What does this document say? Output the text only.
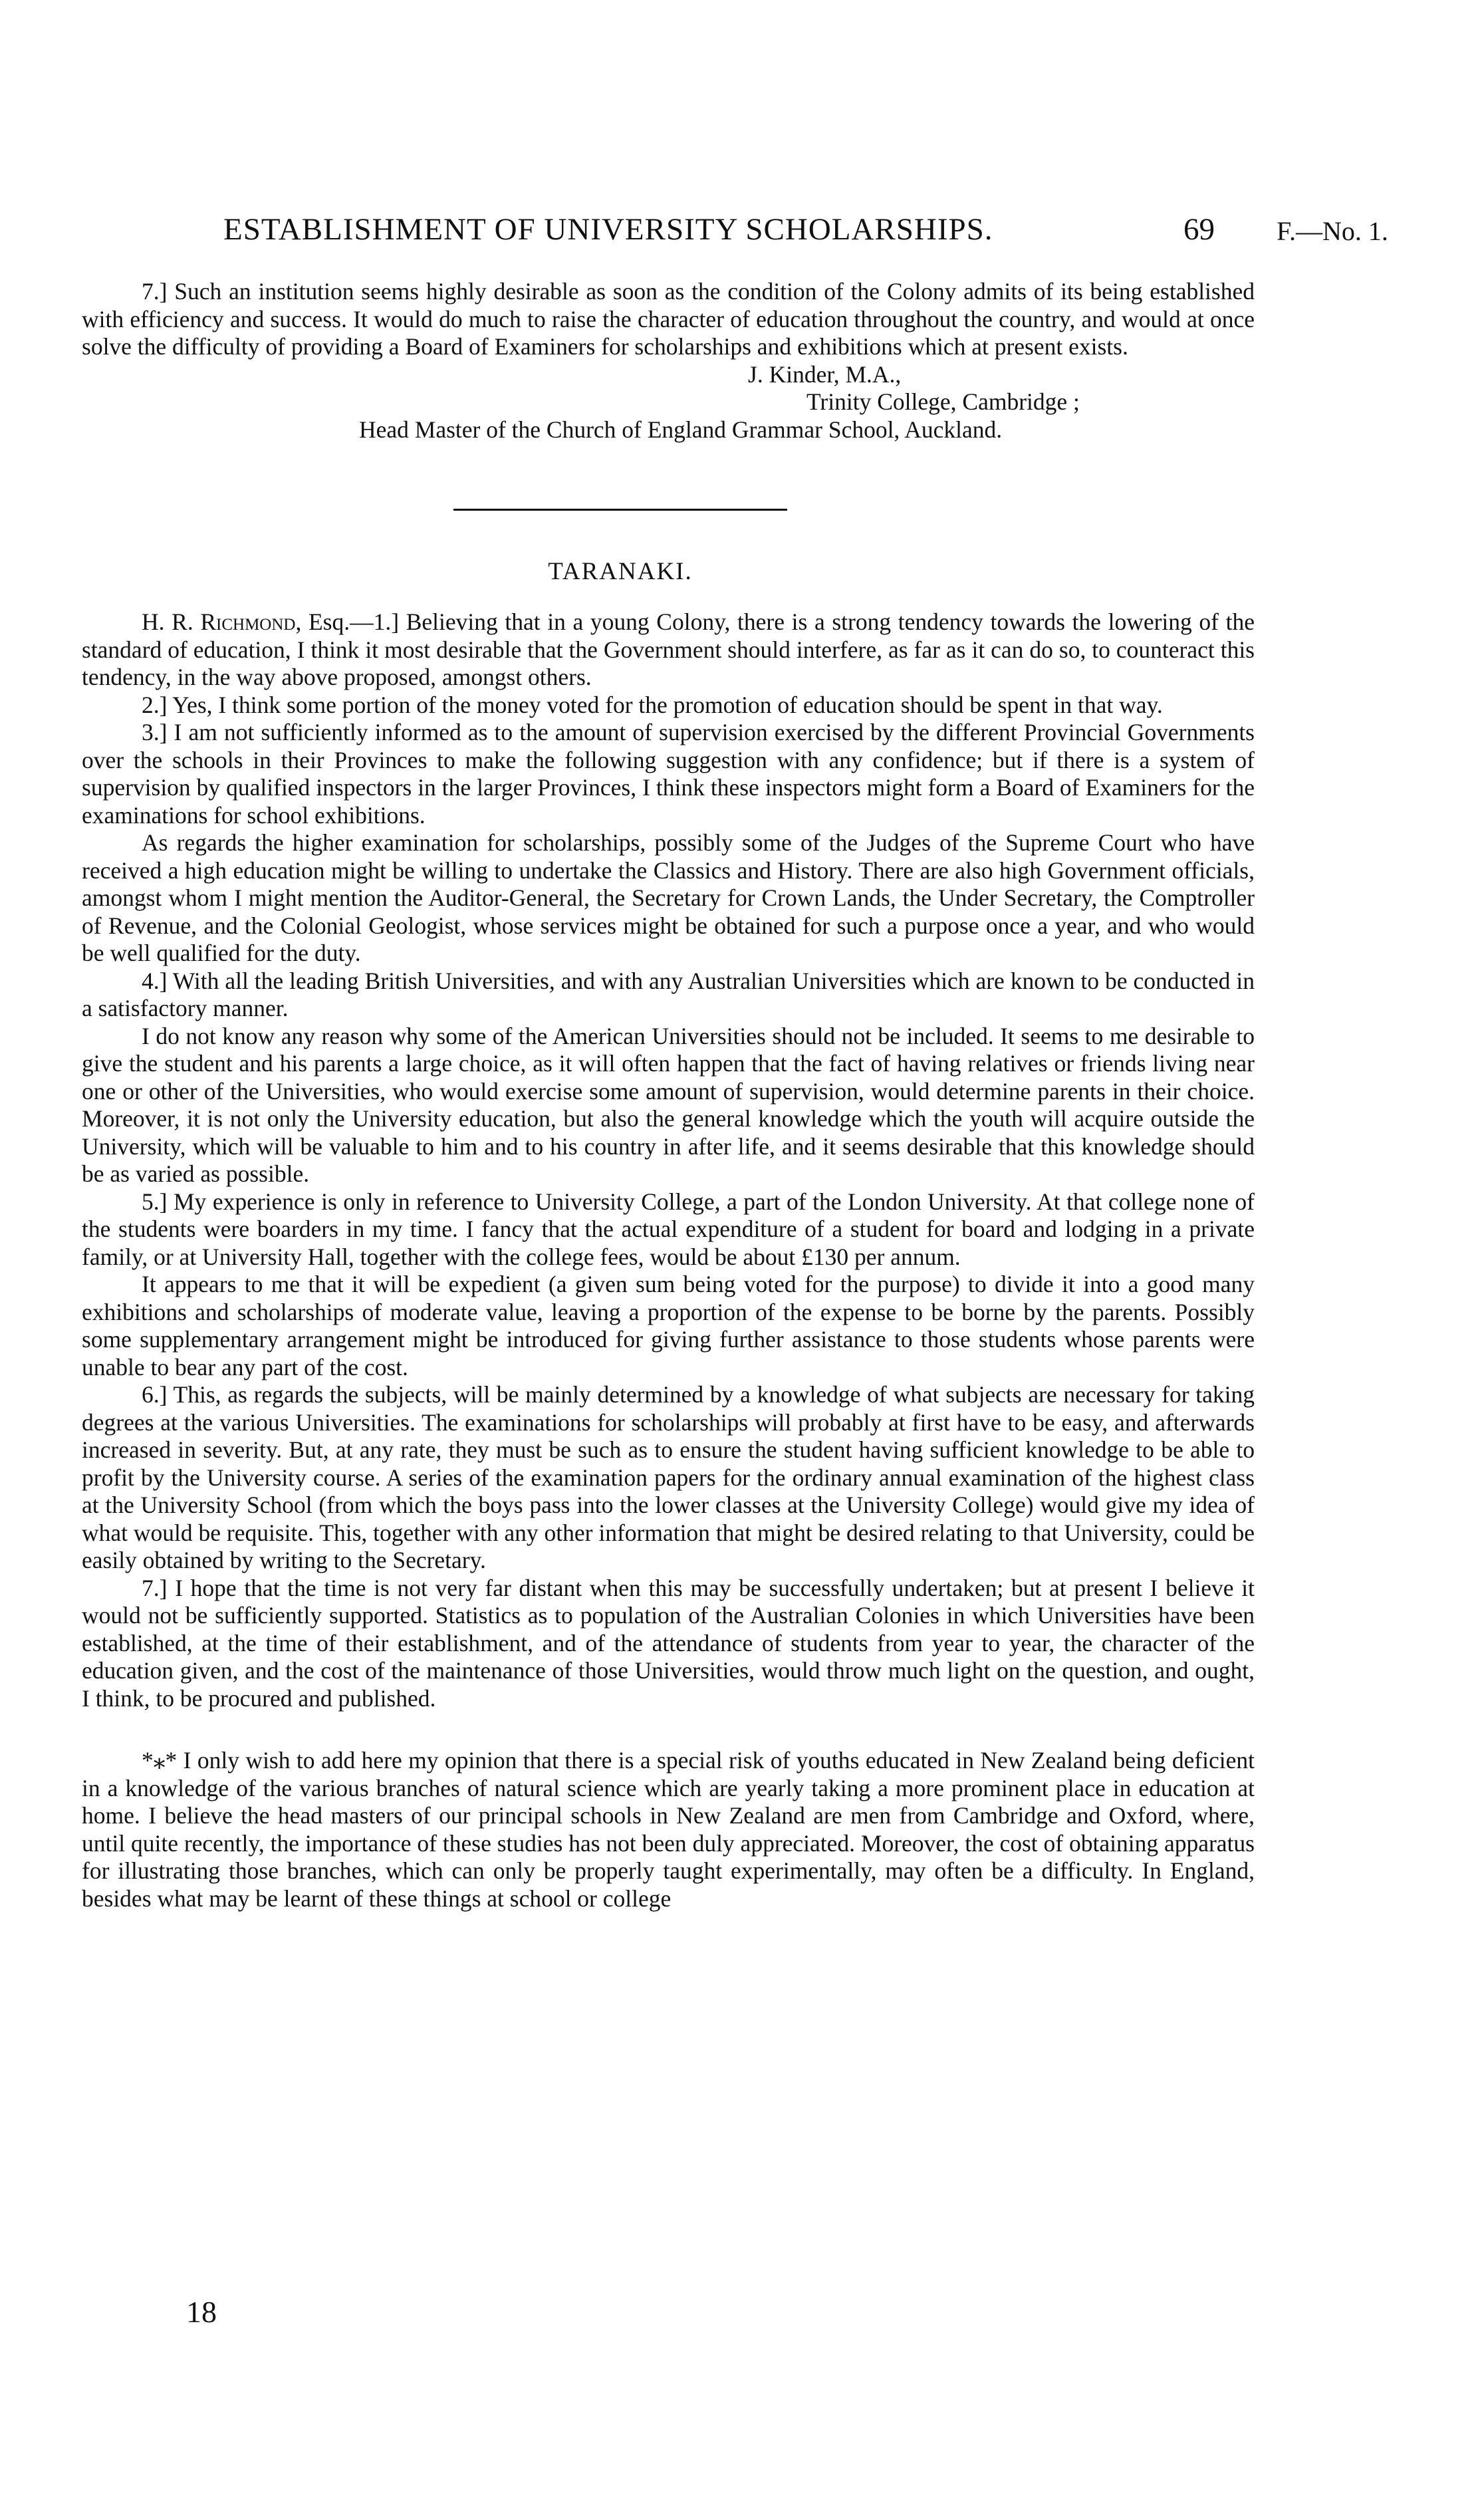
ESTABLISHMENT OF UNIVERSITY SCHOLARSHIPS.	69 F.—No. 1.

7.] Such an institution seems highly desirable as soon as the condition of the Colony admits of its being established with efficiency and success. It would do much to raise the character of education throughout the country, and would at once solve the difficulty of providing a Board of Examiners for scholarships and exhibitions which at present exists.

J. Kinder, M.A.,
Trinity College, Cambridge ;
Head Master of the Church of England Grammar School, Auckland.
TARANAKI.

H. R. Richmond, Esq.—1.] Believing that in a young Colony, there is a strong tendency towards the lowering of the standard of education, I think it most desirable that the Government should interfere, as far as it can do so, to counteract this tendency, in the way above proposed, amongst others.

2.] Yes, I think some portion of the money voted for the promotion of education should be spent in that way.

3.] I am not sufficiently informed as to the amount of supervision exercised by the different Provincial Governments over the schools in their Provinces to make the following suggestion with any confidence; but if there is a system of supervision by qualified inspectors in the larger Provinces, I think these inspectors might form a Board of Examiners for the examinations for school exhibitions.

As regards the higher examination for scholarships, possibly some of the Judges of the Supreme Court who have received a high education might be willing to undertake the Classics and History. There are also high Government officials, amongst whom I might mention the Auditor-General, the Secretary for Crown Lands, the Under Secretary, the Comptroller of Revenue, and the Colonial Geologist, whose services might be obtained for such a purpose once a year, and who would be well qualified for the duty.

4.] With all the leading British Universities, and with any Australian Universities which are known to be conducted in a satisfactory manner.

I do not know any reason why some of the American Universities should not be included. It seems to me desirable to give the student and his parents a large choice, as it will often happen that the fact of having relatives or friends living near one or other of the Universities, who would exercise some amount of supervision, would determine parents in their choice. Moreover, it is not only the University education, but also the general knowledge which the youth will acquire outside the University, which will be valuable to him and to his country in after life, and it seems desirable that this knowledge should be as varied as possible.

5.] My experience is only in reference to University College, a part of the London University. At that college none of the students were boarders in my time. I fancy that the actual expenditure of a student for board and lodging in a private family, or at University Hall, together with the college fees, would be about £130 per annum.

It appears to me that it will be expedient (a given sum being voted for the purpose) to divide it into a good many exhibitions and scholarships of moderate value, leaving a proportion of the expense to be borne by the parents. Possibly some supplementary arrangement might be introduced for giving further assistance to those students whose parents were unable to bear any part of the cost.

6.] This, as regards the subjects, will be mainly determined by a knowledge of what subjects are necessary for taking degrees at the various Universities. The examinations for scholarships will probably at first have to be easy, and afterwards increased in severity. But, at any rate, they must be such as to ensure the student having sufficient knowledge to be able to profit by the University course. A series of the examination papers for the ordinary annual examination of the highest class at the University School (from which the boys pass into the lower classes at the University College) would give my idea of what would be requisite. This, together with any other information that might be desired relating to that University, could be easily obtained by writing to the Secretary.

7.] I hope that the time is not very far distant when this may be successfully undertaken; but at present I believe it would not be sufficiently supported. Statistics as to population of the Australian Colonies in which Universities have been established, at the time of their establishment, and of the attendance of students from year to year, the character of the education given, and the cost of the maintenance of those Universities, would throw much light on the question, and ought, I think, to be procured and published.

*⁎* I only wish to add here my opinion that there is a special risk of youths educated in New Zealand being deficient in a knowledge of the various branches of natural science which are yearly taking a more prominent place in education at home. I believe the head masters of our principal schools in New Zealand are men from Cambridge and Oxford, where, until quite recently, the importance of these studies has not been duly appreciated. Moreover, the cost of obtaining apparatus for illustrating those branches, which can only be properly taught experimentally, may often be a difficulty. In England, besides what may be learnt of these things at school or college

18
